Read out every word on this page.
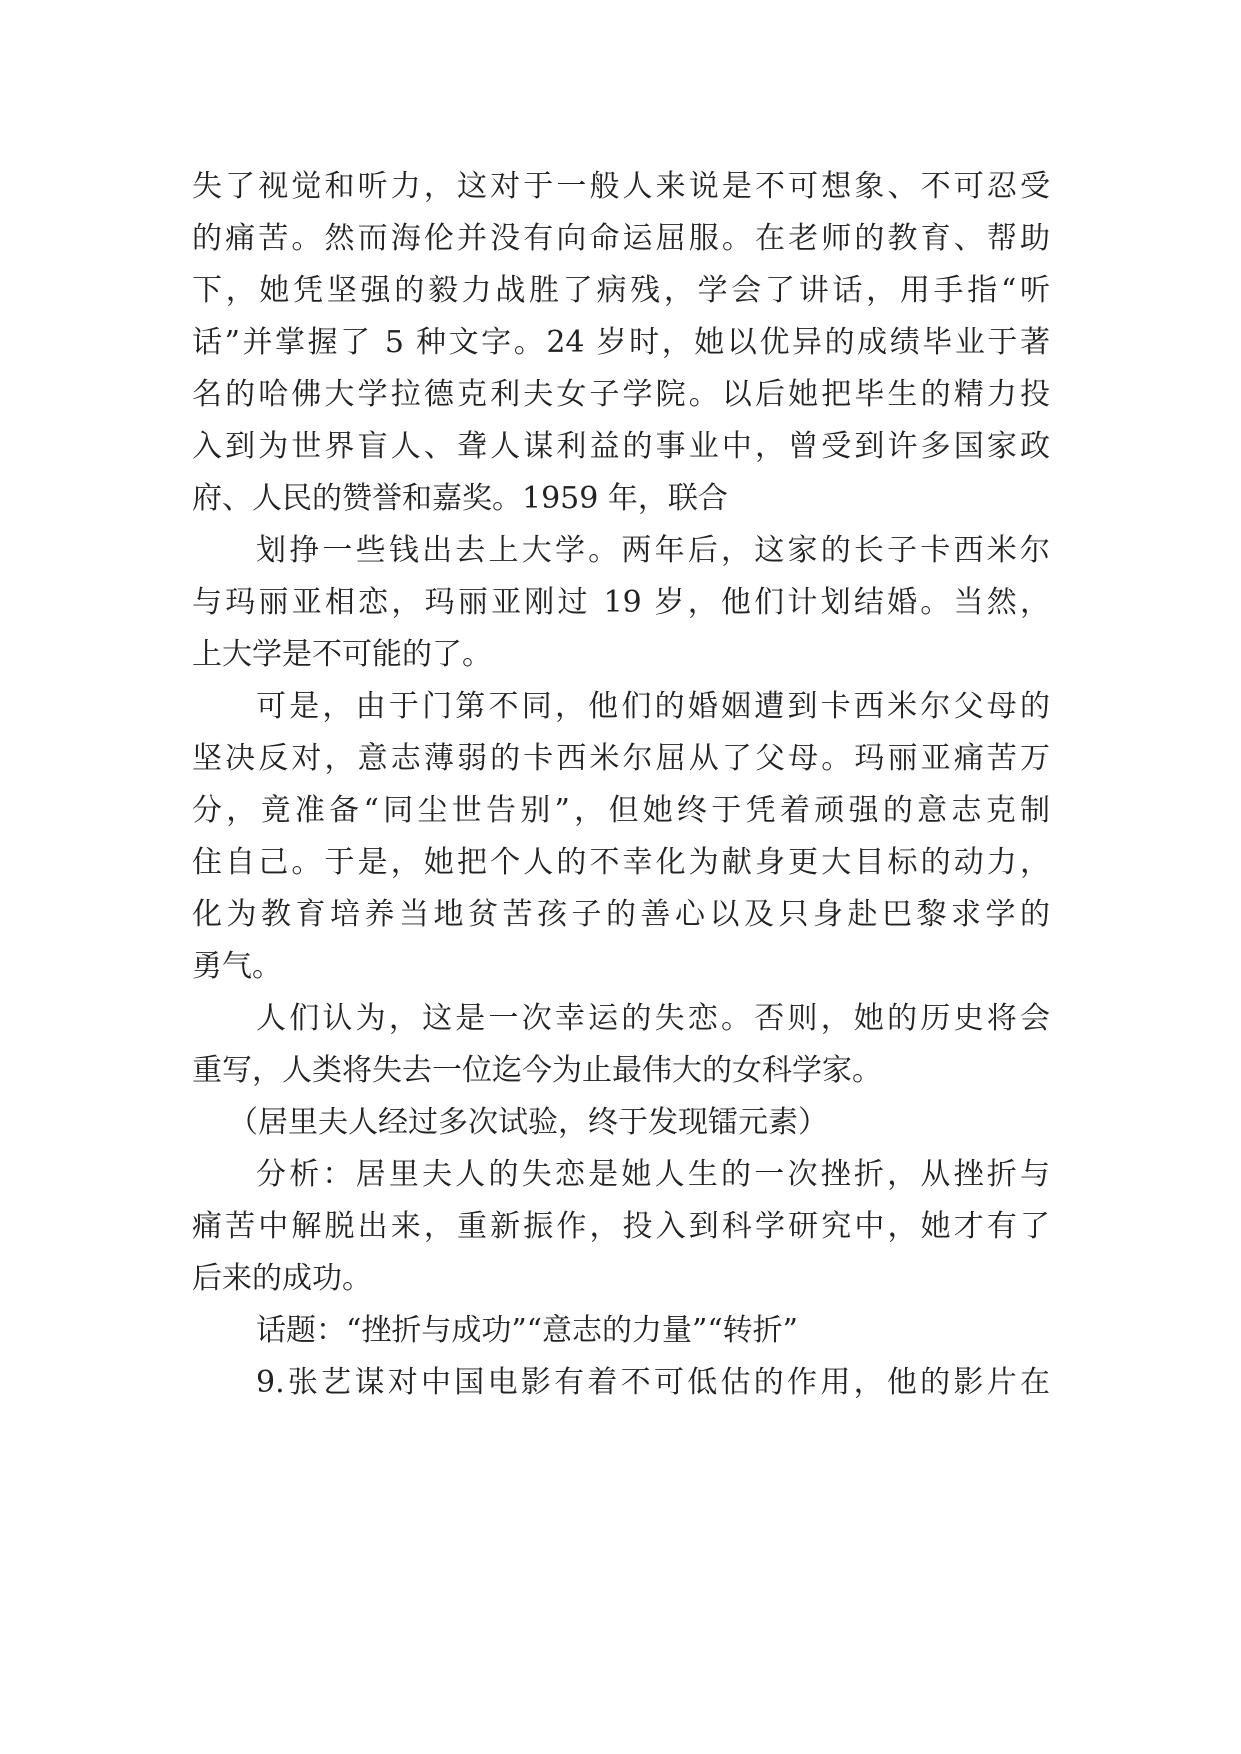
失了视觉和听力，这对于一般人来说是不可想象、不可忍受
的痛苦。然而海伦并没有向命运屈服。在老师的教育、帮助
下，她凭坚强的毅力战胜了病残，学会了讲话，用手指“听
话”并掌握了 5 种文字。24 岁时，她以优异的成绩毕业于著
名的哈佛大学拉德克利夫女子学院。以后她把毕生的精力投
入到为世界盲人、聋人谋利益的事业中，曾受到许多国家政
府、人民的赞誉和嘉奖。1959 年，联合
划挣一些钱出去上大学。两年后，这家的长子卡西米尔
与玛丽亚相恋，玛丽亚刚过 19 岁，他们计划结婚。当然，
上大学是不可能的了。
可是，由于门第不同，他们的婚姻遭到卡西米尔父母的
坚决反对，意志薄弱的卡西米尔屈从了父母。玛丽亚痛苦万
分，竟准备“同尘世告别”，但她终于凭着顽强的意志克制
住自己。于是，她把个人的不幸化为献身更大目标的动力，
化为教育培养当地贫苦孩子的善心以及只身赴巴黎求学的
勇气。
人们认为，这是一次幸运的失恋。否则，她的历史将会
重写，人类将失去一位迄今为止最伟大的女科学家。
（居里夫人经过多次试验，终于发现镭元素）
分析：居里夫人的失恋是她人生的一次挫折，从挫折与
痛苦中解脱出来，重新振作，投入到科学研究中，她才有了
后来的成功。
话题：“挫折与成功”“意志的力量”“转折”
9.张艺谋对中国电影有着不可低估的作用，他的影片在
